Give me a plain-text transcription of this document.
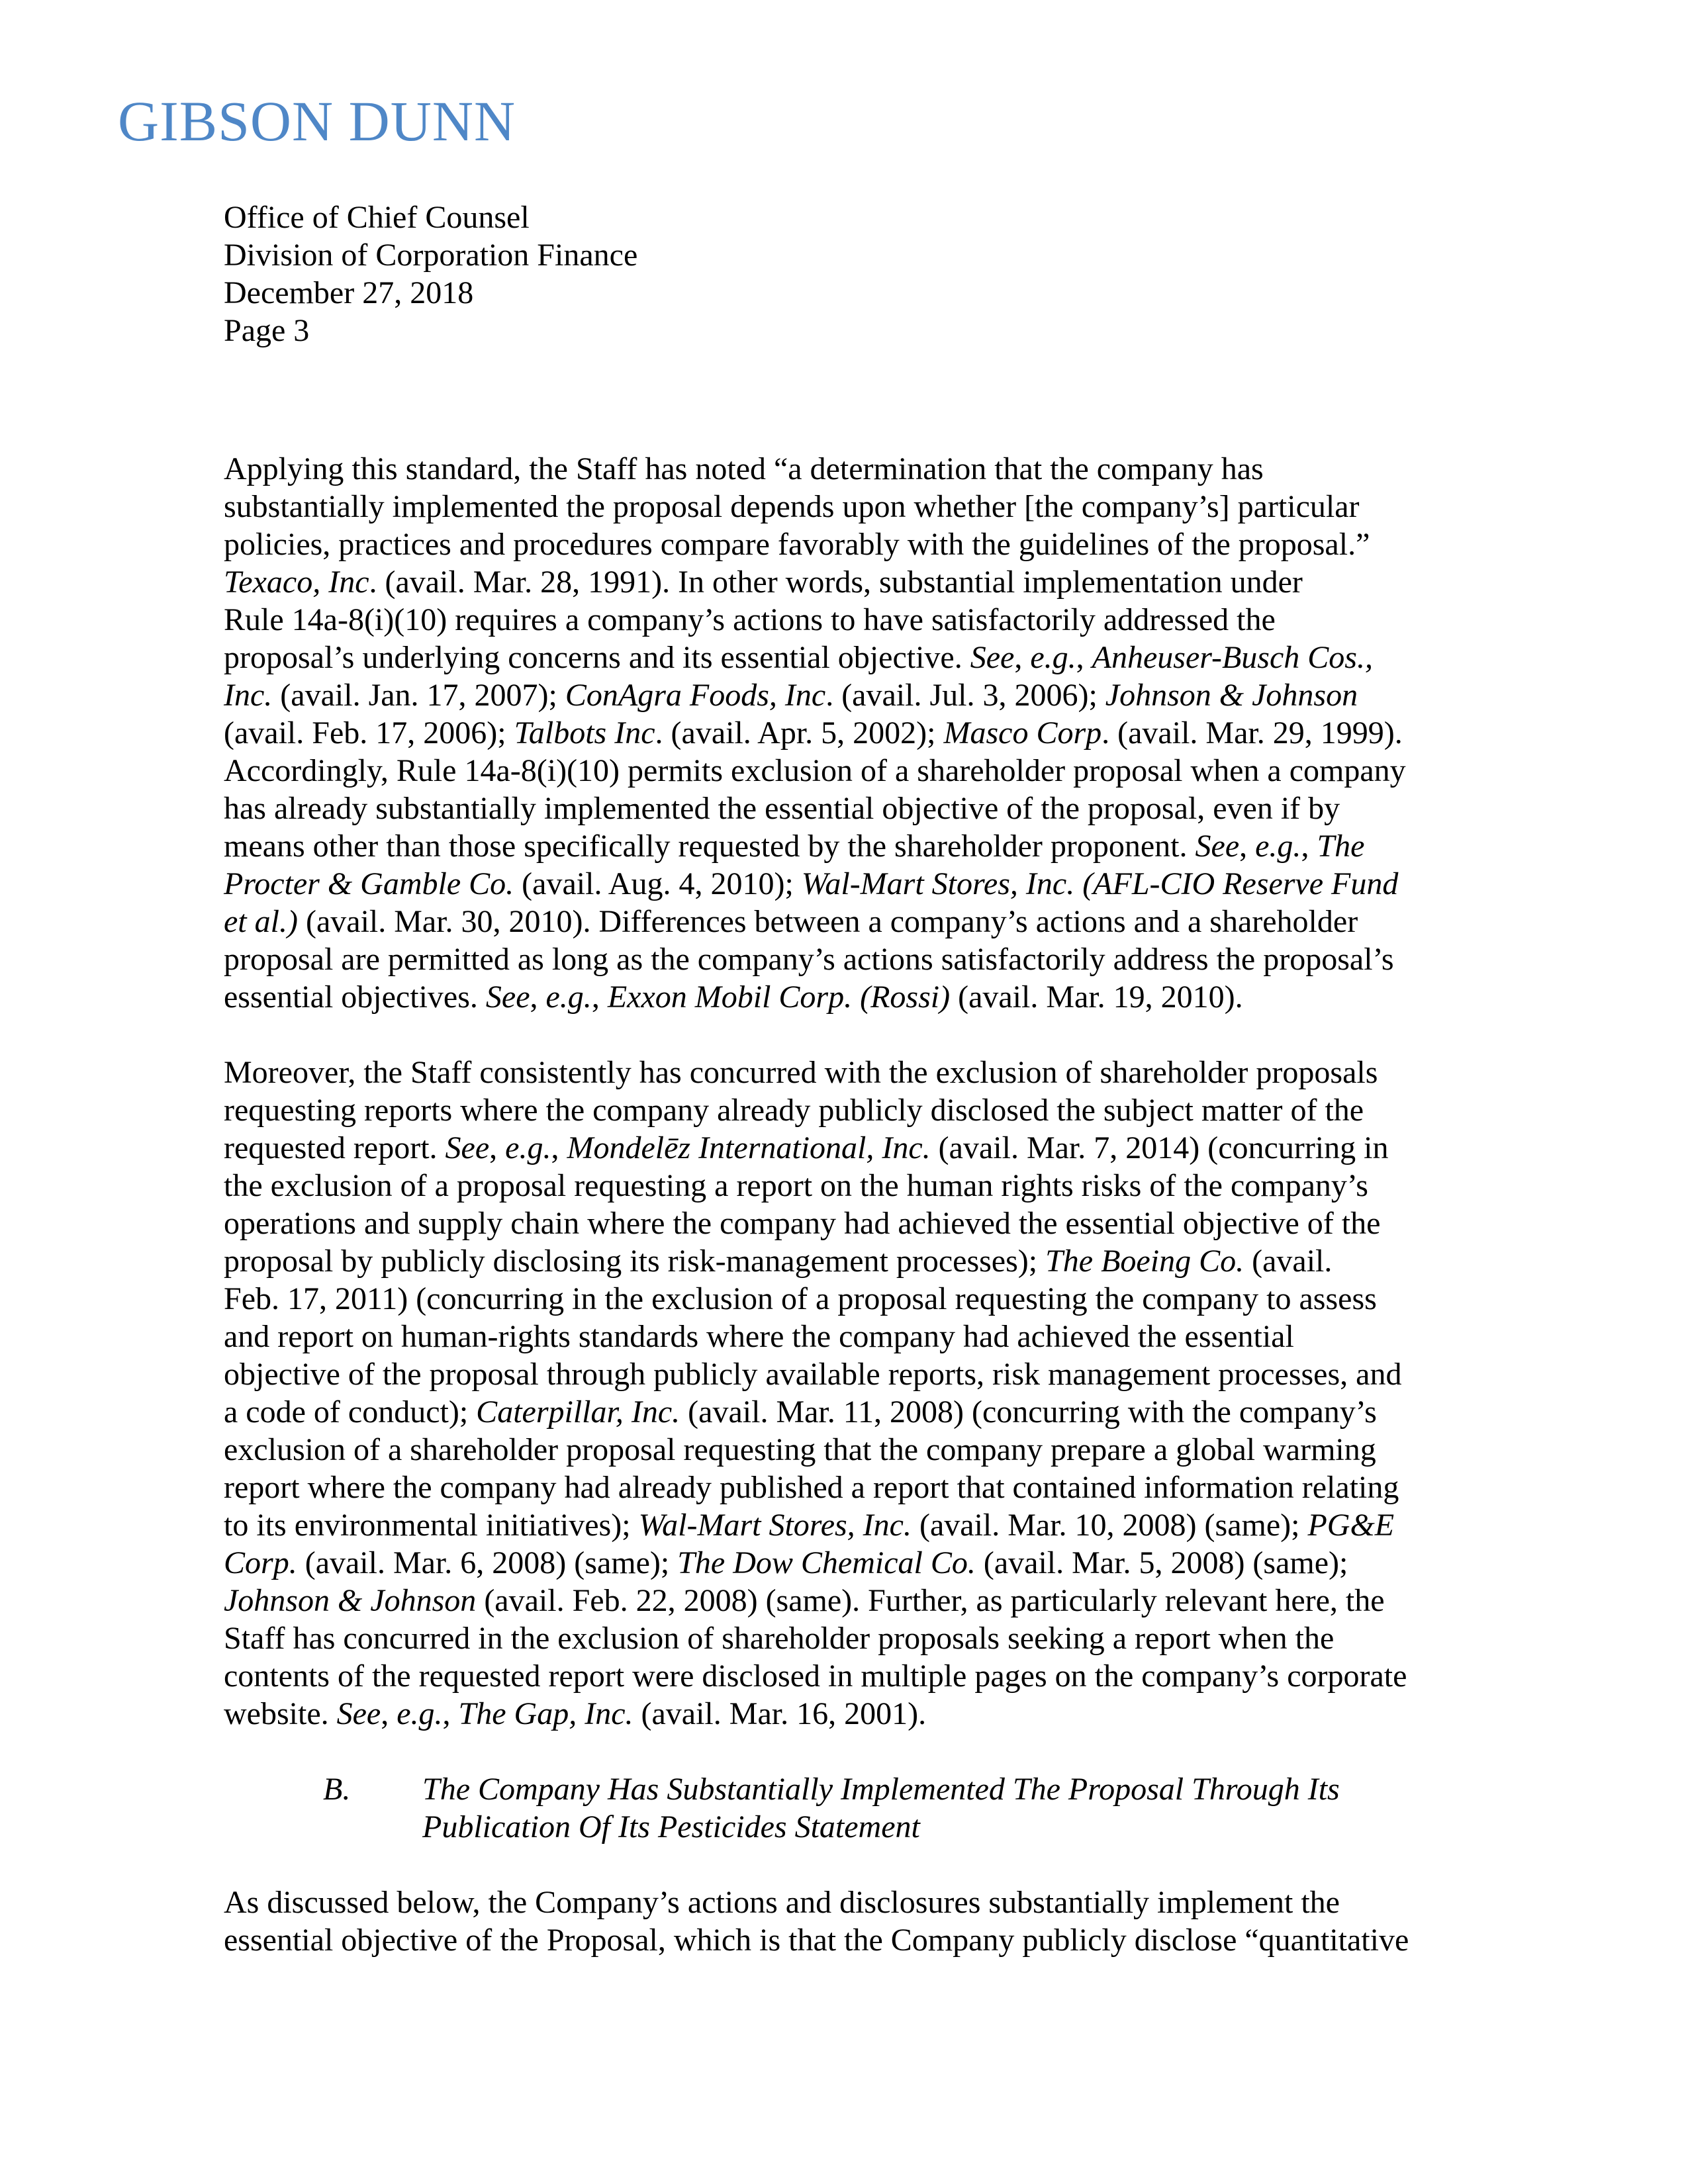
GIBSON DUNN
Office of Chief Counsel
Division of Corporation Finance
December 27, 2018
Page 3
Applying this standard, the Staff has noted “a determination that the company has
substantially implemented the proposal depends upon whether [the company’s] particular
policies, practices and procedures compare favorably with the guidelines of the proposal.”
Texaco, Inc. (avail. Mar. 28, 1991). In other words, substantial implementation under
Rule 14a-8(i)(10) requires a company’s actions to have satisfactorily addressed the
proposal’s underlying concerns and its essential objective. See, e.g., Anheuser-Busch Cos.,
Inc. (avail. Jan. 17, 2007); ConAgra Foods, Inc. (avail. Jul. 3, 2006); Johnson & Johnson
(avail. Feb. 17, 2006); Talbots Inc. (avail. Apr. 5, 2002); Masco Corp. (avail. Mar. 29, 1999).
Accordingly, Rule 14a-8(i)(10) permits exclusion of a shareholder proposal when a company
has already substantially implemented the essential objective of the proposal, even if by
means other than those specifically requested by the shareholder proponent. See, e.g., The
Procter & Gamble Co. (avail. Aug. 4, 2010); Wal-Mart Stores, Inc. (AFL-CIO Reserve Fund
et al.) (avail. Mar. 30, 2010). Differences between a company’s actions and a shareholder
proposal are permitted as long as the company’s actions satisfactorily address the proposal’s
essential objectives. See, e.g., Exxon Mobil Corp. (Rossi) (avail. Mar. 19, 2010).
Moreover, the Staff consistently has concurred with the exclusion of shareholder proposals
requesting reports where the company already publicly disclosed the subject matter of the
requested report. See, e.g., Mondelēz International, Inc. (avail. Mar. 7, 2014) (concurring in
the exclusion of a proposal requesting a report on the human rights risks of the company’s
operations and supply chain where the company had achieved the essential objective of the
proposal by publicly disclosing its risk-management processes); The Boeing Co. (avail.
Feb. 17, 2011) (concurring in the exclusion of a proposal requesting the company to assess
and report on human-rights standards where the company had achieved the essential
objective of the proposal through publicly available reports, risk management processes, and
a code of conduct); Caterpillar, Inc. (avail. Mar. 11, 2008) (concurring with the company’s
exclusion of a shareholder proposal requesting that the company prepare a global warming
report where the company had already published a report that contained information relating
to its environmental initiatives); Wal-Mart Stores, Inc. (avail. Mar. 10, 2008) (same); PG&E
Corp. (avail. Mar. 6, 2008) (same); The Dow Chemical Co. (avail. Mar. 5, 2008) (same);
Johnson & Johnson (avail. Feb. 22, 2008) (same). Further, as particularly relevant here, the
Staff has concurred in the exclusion of shareholder proposals seeking a report when the
contents of the requested report were disclosed in multiple pages on the company’s corporate
website. See, e.g., The Gap, Inc. (avail. Mar. 16, 2001).
B. The Company Has Substantially Implemented The Proposal Through Its
Publication Of Its Pesticides Statement
As discussed below, the Company’s actions and disclosures substantially implement the
essential objective of the Proposal, which is that the Company publicly disclose “quantitative
